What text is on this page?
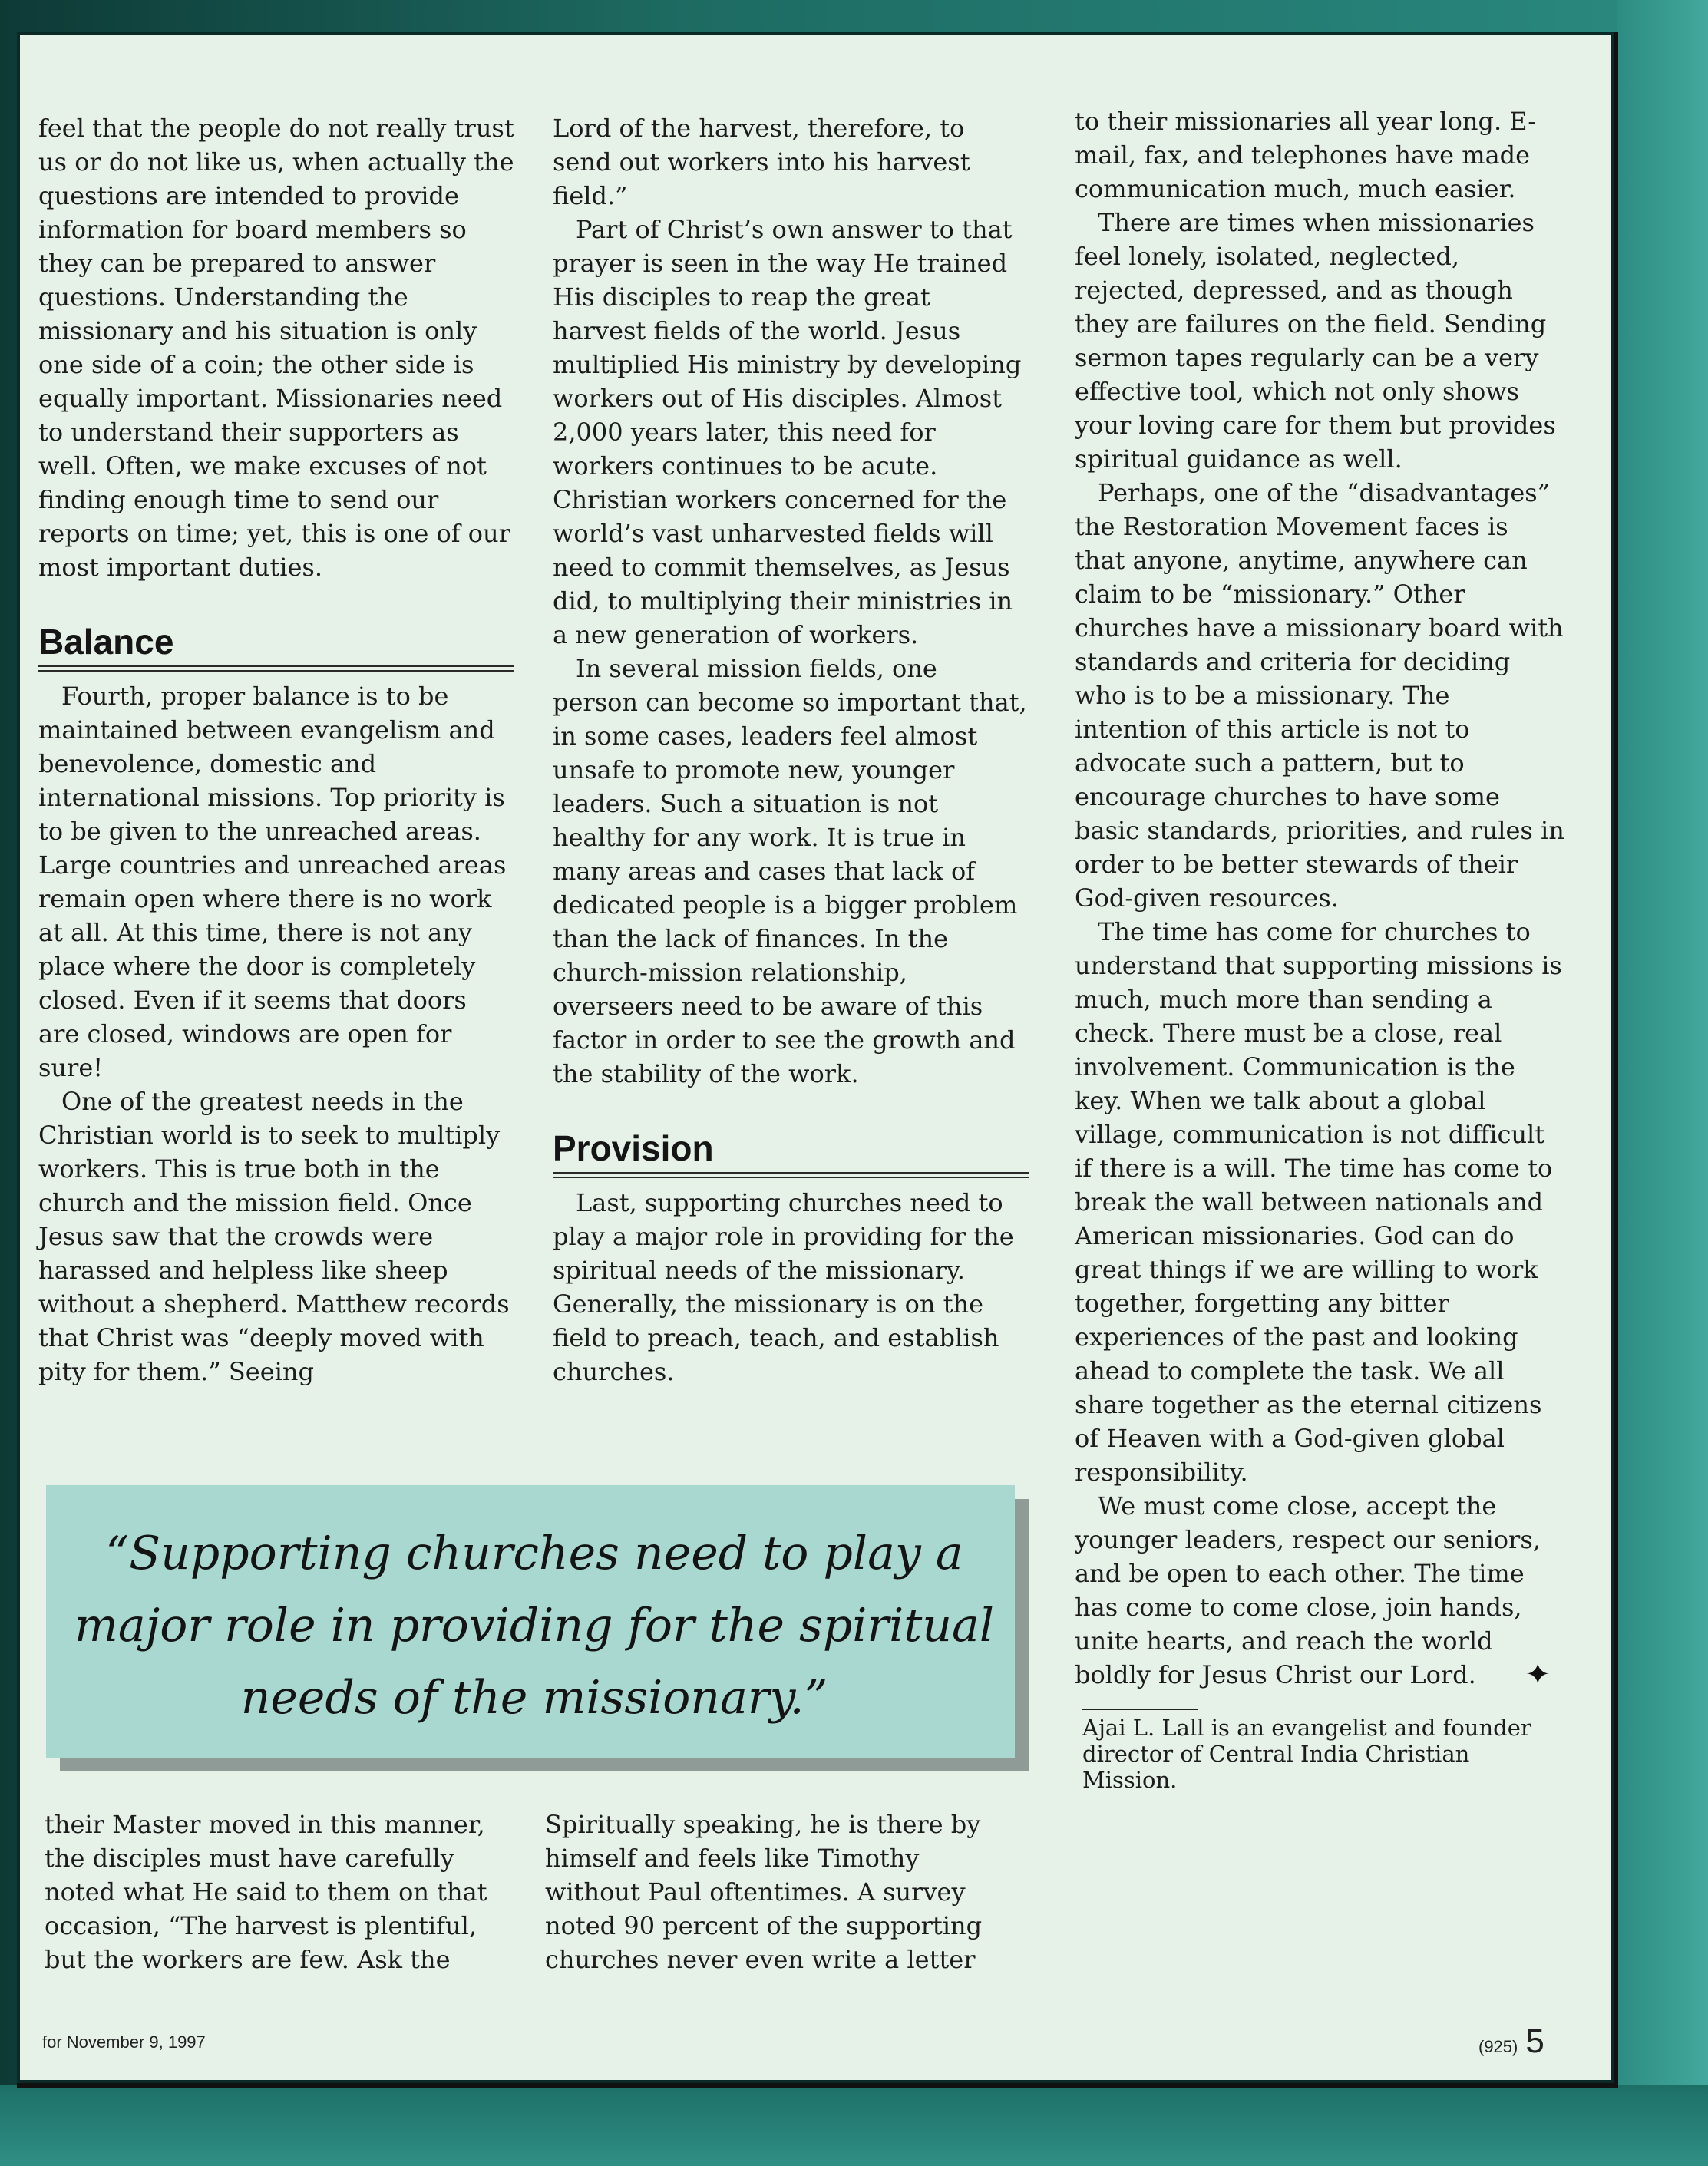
feel that the people do not really trust us or do not like us, when actually the questions are intended to provide information for board members so they can be prepared to answer questions. Understanding the missionary and his situation is only one side of a coin; the other side is equally important. Missionaries need to understand their supporters as well. Often, we make excuses of not finding enough time to send our reports on time; yet, this is one of our most important duties.

Balance

Fourth, proper balance is to be maintained between evangelism and benevolence, domestic and international missions. Top priority is to be given to the unreached areas. Large countries and unreached areas remain open where there is no work at all. At this time, there is not any place where the door is completely closed. Even if it seems that doors are closed, windows are open for sure!

One of the greatest needs in the Christian world is to seek to multiply workers. This is true both in the church and the mission field. Once Jesus saw that the crowds were harassed and helpless like sheep without a shepherd. Matthew records that Christ was “deeply moved with pity for them.” Seeing

Lord of the harvest, therefore, to send out workers into his harvest field.”

Part of Christ’s own answer to that prayer is seen in the way He trained His disciples to reap the great harvest fields of the world. Jesus multiplied His ministry by developing workers out of His disciples. Almost 2,000 years later, this need for workers continues to be acute. Christian workers concerned for the world’s vast unharvested fields will need to commit themselves, as Jesus did, to multiplying their ministries in a new generation of workers.

In several mission fields, one person can become so important that, in some cases, leaders feel almost unsafe to promote new, younger leaders. Such a situation is not healthy for any work. It is true in many areas and cases that lack of dedicated people is a bigger problem than the lack of finances. In the church-mission relationship, overseers need to be aware of this factor in order to see the growth and the stability of the work.

Provision

Last, supporting churches need to play a major role in providing for the spiritual needs of the missionary. Generally, the missionary is on the field to preach, teach, and establish churches.

to their missionaries all year long. E-mail, fax, and telephones have made communication much, much easier.

There are times when missionaries feel lonely, isolated, neglected, rejected, depressed, and as though they are failures on the field. Sending sermon tapes regularly can be a very effective tool, which not only shows your loving care for them but provides spiritual guidance as well.

Perhaps, one of the “disadvantages” the Restoration Movement faces is that anyone, anytime, anywhere can claim to be “missionary.” Other churches have a missionary board with standards and criteria for deciding who is to be a missionary. The intention of this article is not to advocate such a pattern, but to encourage churches to have some basic standards, priorities, and rules in order to be better stewards of their God-given resources.

The time has come for churches to understand that supporting missions is much, much more than sending a check. There must be a close, real involvement. Communication is the key. When we talk about a global village, communication is not difficult if there is a will. The time has come to break the wall between nationals and American missionaries. God can do great things if we are willing to work together, forgetting any bitter experiences of the past and looking ahead to complete the task. We all share together as the eternal citizens of Heaven with a God-given global responsibility.

We must come close, accept the younger leaders, respect our seniors, and be open to each other. The time has come to come close, join hands, unite hearts, and reach the world boldly for Jesus Christ our Lord.	✦

Ajai L. Lall is an evangelist and founder director of Central India Christian Mission.
“Supporting churches need to play a major role in providing for the spiritual needs of the missionary.”
their Master moved in this manner, the disciples must have carefully noted what He said to them on that occasion, “The harvest is plentiful, but the workers are few. Ask the
Spiritually speaking, he is there by himself and feels like Timothy without Paul oftentimes. A survey noted 90 percent of the supporting churches never even write a letter
for November 9, 1997	(925) 5
